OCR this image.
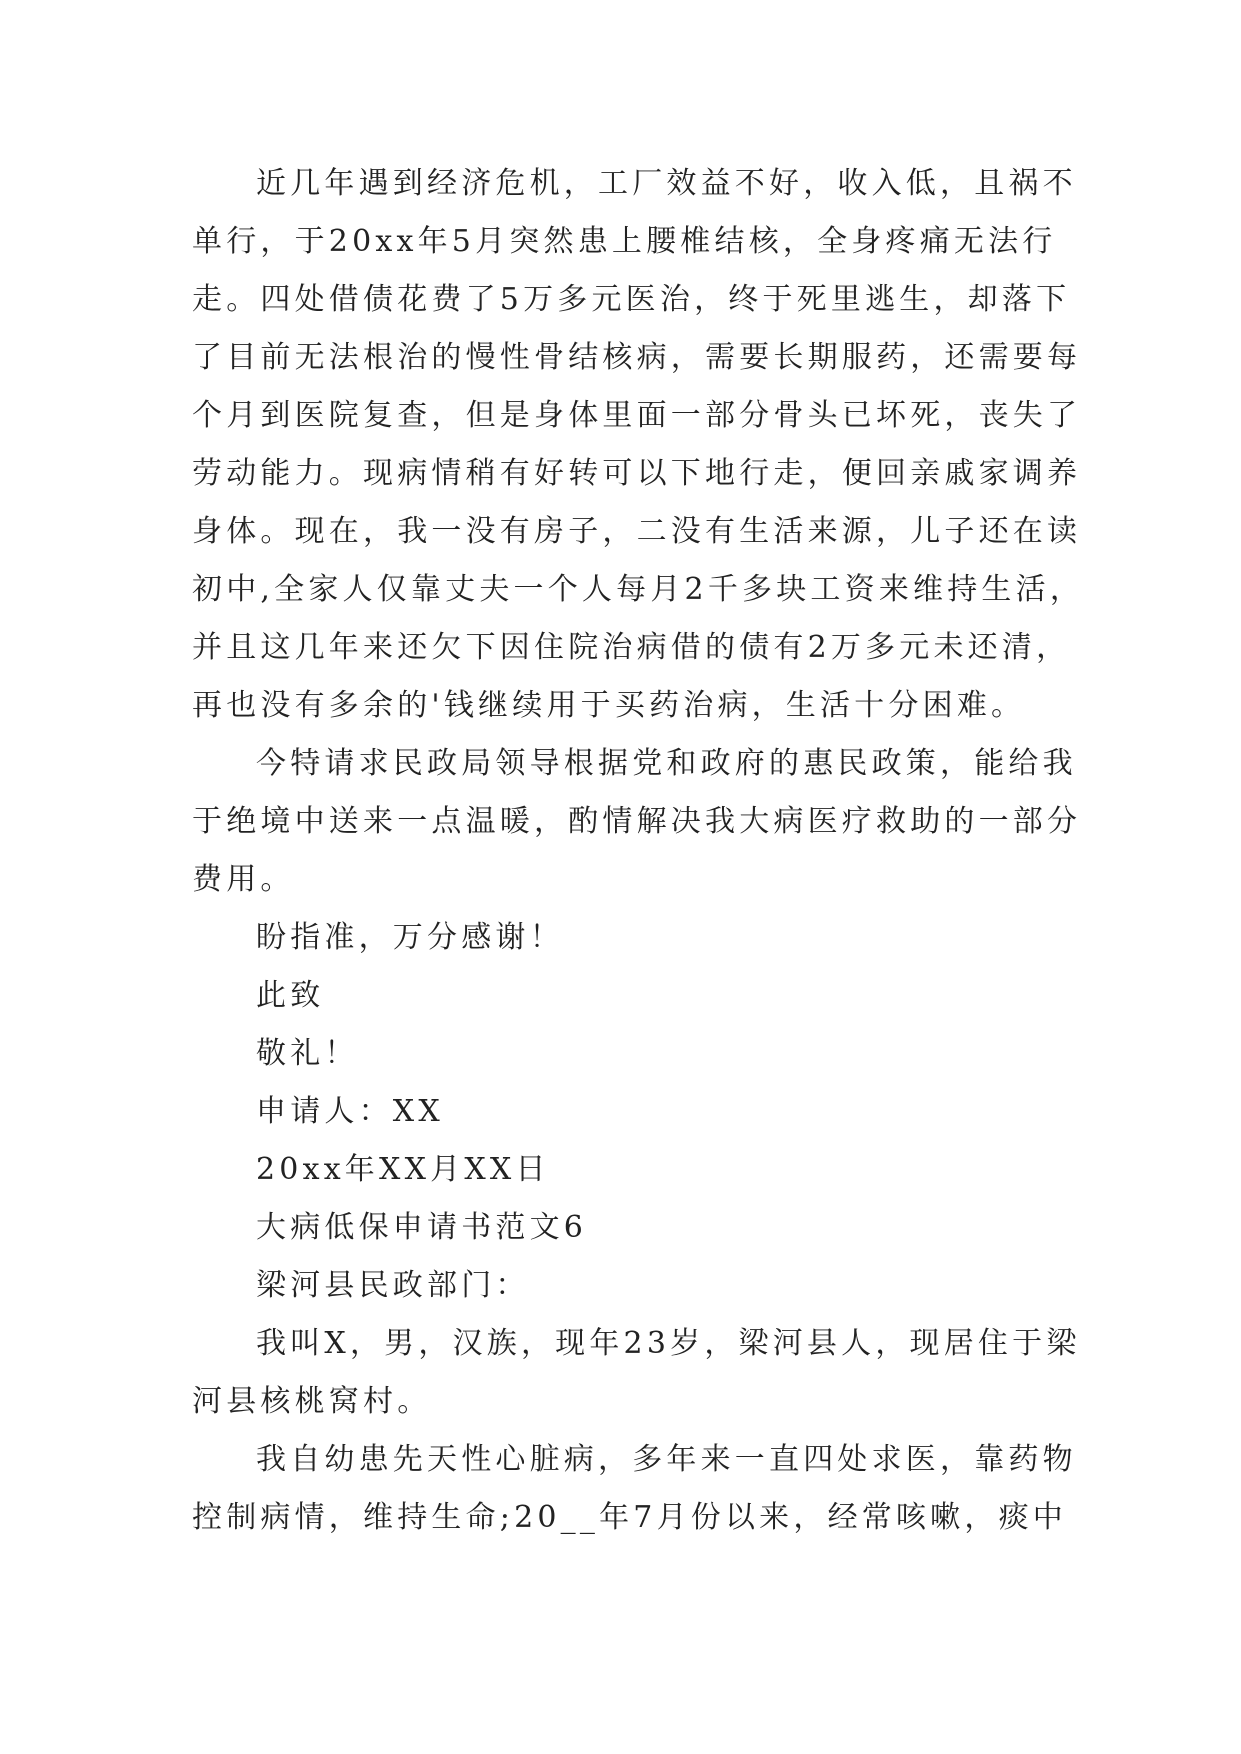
近几年遇到经济危机，工厂效益不好，收入低，且祸不
单行，于20xx年5月突然患上腰椎结核，全身疼痛无法行
走。四处借债花费了5万多元医治，终于死里逃生，却落下
了目前无法根治的慢性骨结核病，需要长期服药，还需要每
个月到医院复查，但是身体里面一部分骨头已坏死，丧失了
劳动能力。现病情稍有好转可以下地行走，便回亲戚家调养
身体。现在，我一没有房子，二没有生活来源，儿子还在读
初中,全家人仅靠丈夫一个人每月2千多块工资来维持生活，
并且这几年来还欠下因住院治病借的债有2万多元未还清，
再也没有多余的'钱继续用于买药治病，生活十分困难。
今特请求民政局领导根据党和政府的惠民政策，能给我
于绝境中送来一点温暖，酌情解决我大病医疗救助的一部分
费用。
盼指准，万分感谢！
此致
敬礼！
申请人：XX
20xx年XX月XX日
大病低保申请书范文6
梁河县民政部门：
我叫X，男，汉族，现年23岁，梁河县人，现居住于梁
河县核桃窝村。
我自幼患先天性心脏病，多年来一直四处求医，靠药物
控制病情，维持生命;20__年7月份以来，经常咳嗽，痰中
